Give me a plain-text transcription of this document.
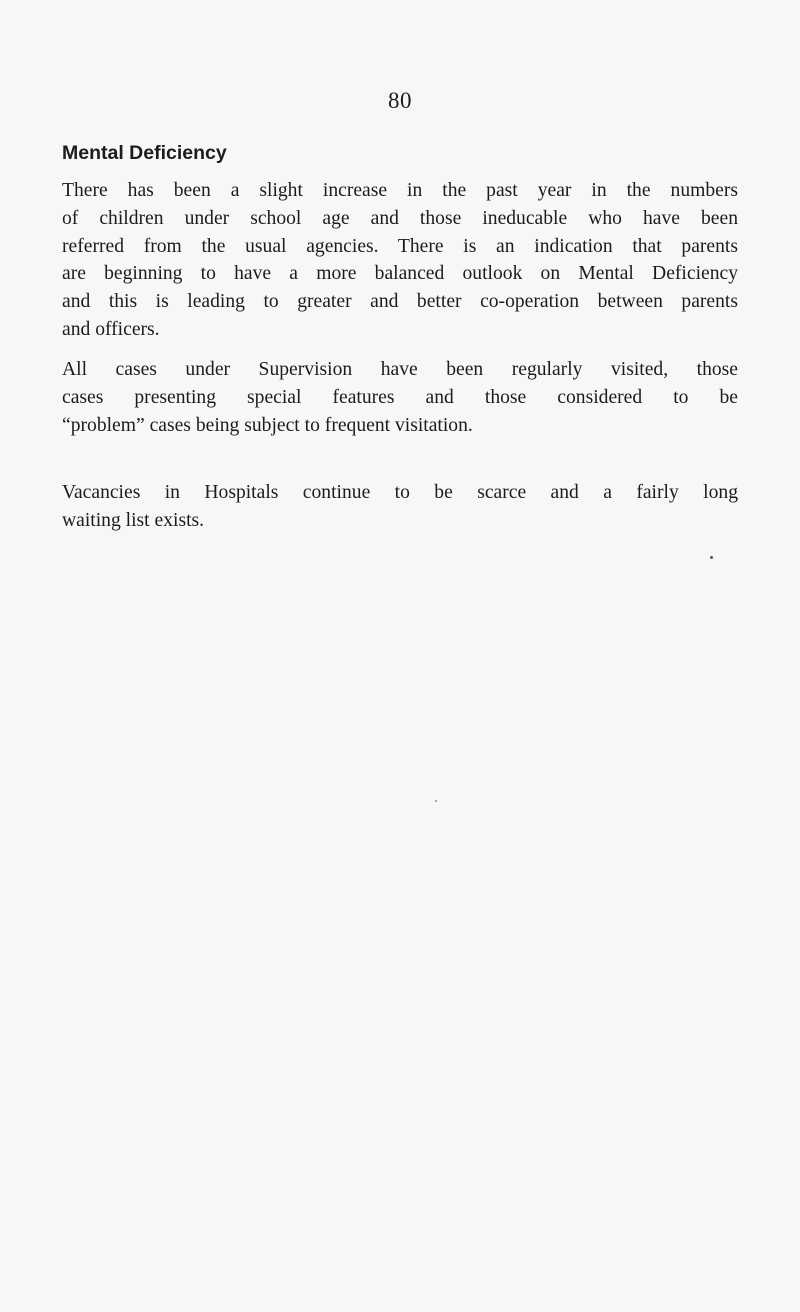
80
Mental Deficiency

There has been a slight increase in the past year in the numbers
of children under school age and those ineducable who have been
referred from the usual agencies. There is an indication that parents
are beginning to have a more balanced outlook on Mental Deficiency
and this is leading to greater and better co-operation between parents
and officers.

All cases under Supervision have been regularly visited, those
cases presenting special features and those considered to be
“problem” cases being subject to frequent visitation.

Vacancies in Hospitals continue to be scarce and a fairly long
waiting list exists.
